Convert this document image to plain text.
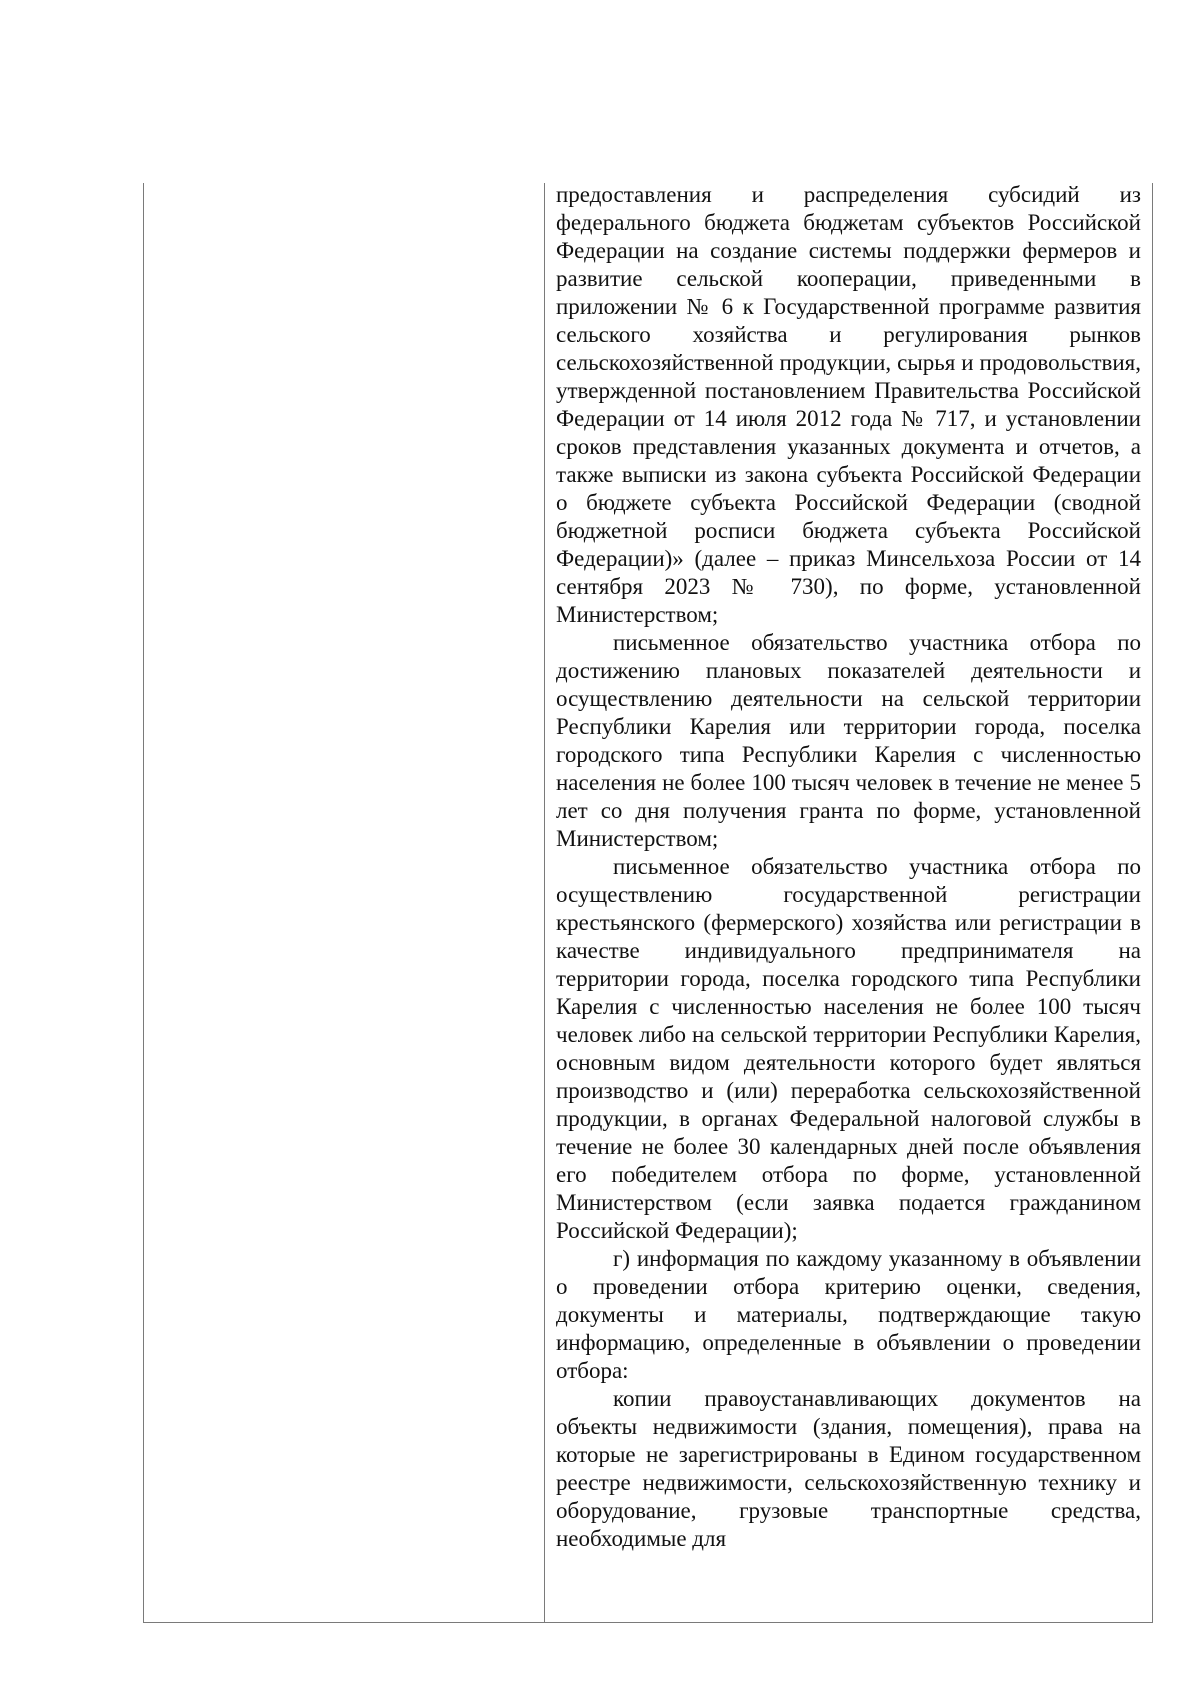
предоставления и распределения субсидий из федерального бюджета бюджетам субъектов Российской Федерации на создание системы поддержки фермеров и развитие сельской кооперации, приведенными в приложении № 6 к Государственной программе развития сельского хозяйства и регулирования рынков сельскохозяйственной продукции, сырья и продовольствия, утвержденной постановлением Правительства Российской Федерации от 14 июля 2012 года № 717, и установлении сроков представления указанных документа и отчетов, а также выписки из закона субъекта Российской Федерации о бюджете субъекта Российской Федерации (сводной бюджетной росписи бюджета субъекта Российской Федерации)» (далее – приказ Минсельхоза России от 14 сентября 2023 № 730), по форме, установленной Министерством;

письменное обязательство участника отбора по достижению плановых показателей деятельности и осуществлению деятельности на сельской территории Республики Карелия или территории города, поселка городского типа Республики Карелия с численностью населения не более 100 тысяч человек в течение не менее 5 лет со дня получения гранта по форме, установленной Министерством;

письменное обязательство участника отбора по осуществлению государственной регистрации крестьянского (фермерского) хозяйства или регистрации в качестве индивидуального предпринимателя на территории города, поселка городского типа Республики Карелия с численностью населения не более 100 тысяч человек либо на сельской территории Республики Карелия, основным видом деятельности которого будет являться производство и (или) переработка сельскохозяйственной продукции, в органах Федеральной налоговой службы в течение не более 30 календарных дней после объявления его победителем отбора по форме, установленной Министерством (если заявка подается гражданином Российской Федерации);

г) информация по каждому указанному в объявлении о проведении отбора критерию оценки, сведения, документы и материалы, подтверждающие такую информацию, определенные в объявлении о проведении отбора:

копии правоустанавливающих документов на объекты недвижимости (здания, помещения), права на которые не зарегистрированы в Едином государственном реестре недвижимости, сельскохозяйственную технику и оборудование, грузовые транспортные средства, необходимые для
